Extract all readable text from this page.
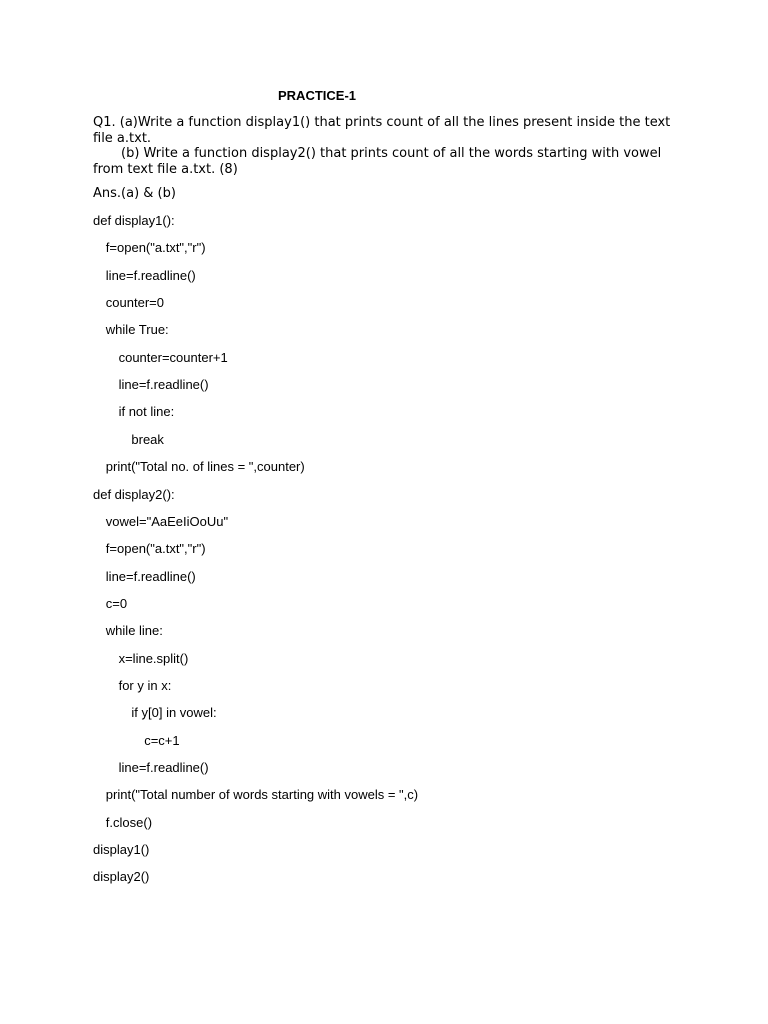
PRACTICE-1
Q1. (a)Write a function display1() that prints count of all the lines present inside the text file a.txt.
(b) Write a function display2() that prints count of all the words starting with vowel from text file a.txt. (8)
Ans.(a) & (b)
def display1():
f=open("a.txt","r")
line=f.readline()
counter=0
while True:
counter=counter+1
line=f.readline()
if not line:
break
print("Total no. of lines = ",counter)
def display2():
vowel="AaEeIiOoUu"
f=open("a.txt","r")
line=f.readline()
c=0
while line:
x=line.split()
for y in x:
if y[0] in vowel:
c=c+1
line=f.readline()
print("Total number of words starting with vowels = ",c)
f.close()
display1()
display2()
